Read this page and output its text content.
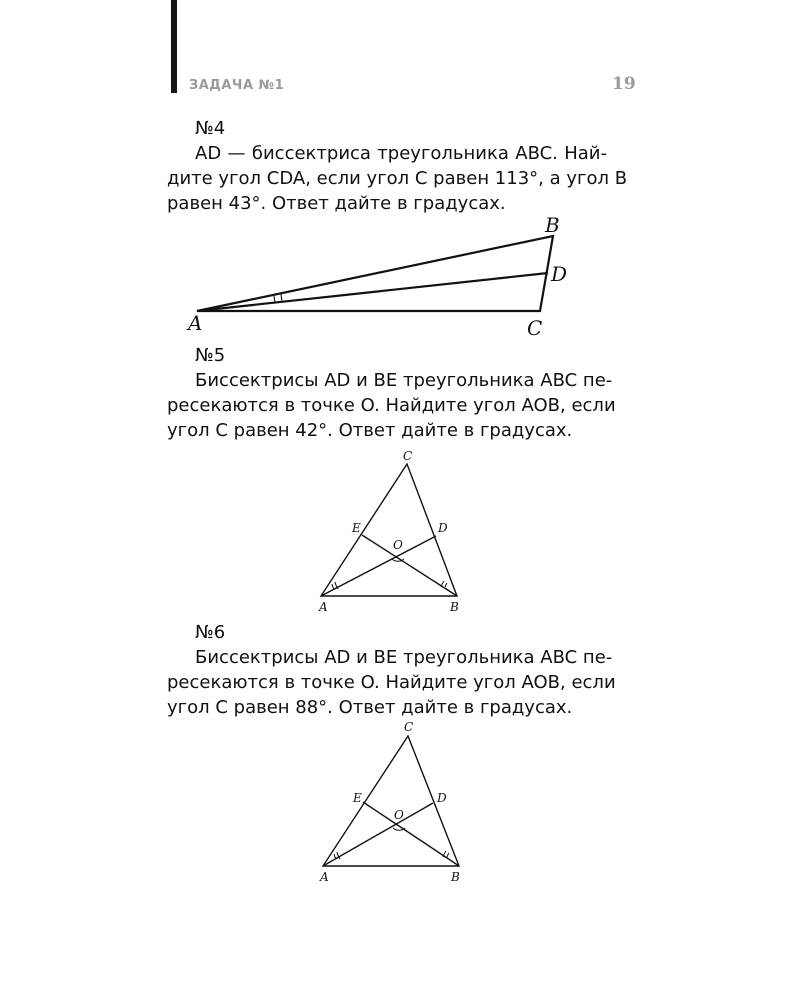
ЗАДАЧА №1	19
№4
AD — биссектриса треугольника ABC. Най-
дите угол CDA, если угол C равен 113°, а угол B
равен 43°. Ответ дайте в градусах.
№5
Биссектрисы AD и BE треугольника ABC пе-
ресекаются в точке O. Найдите угол AOB, если
угол C равен 42°. Ответ дайте в градусах.
№6
Биссектрисы AD и BE треугольника ABC пе-
ресекаются в точке O. Найдите угол AOB, если
угол C равен 88°. Ответ дайте в градусах.
A
B
C
D
A	B
C
D
E
O
A	B
C
D
E
O
